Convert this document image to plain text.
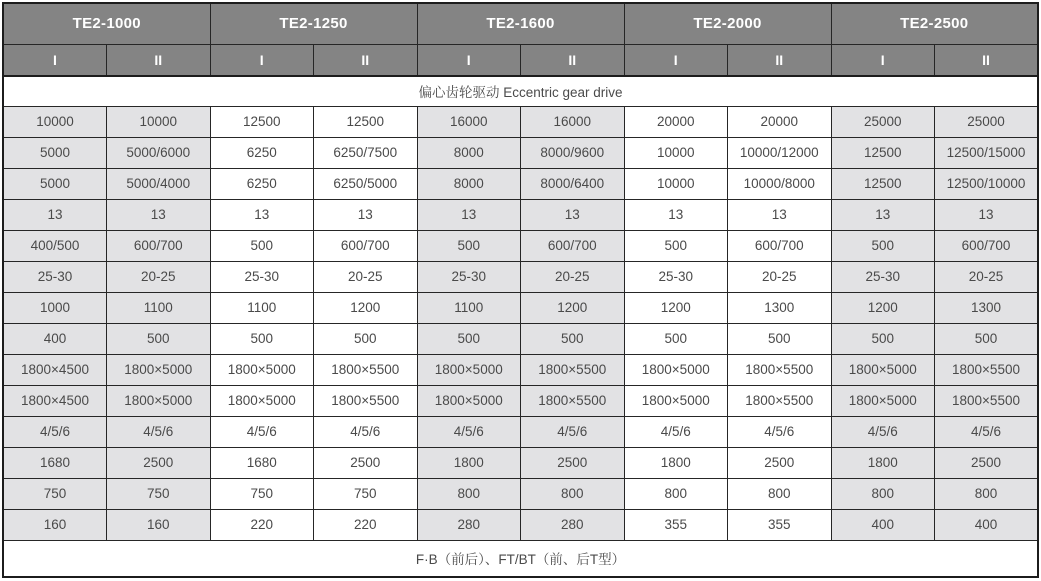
TE2-1000		TE2-1250		TE2-1600		TE2-2000		TE2-2500	
I	II	I	II	I	II	I	II	I	II
偏心齿轮驱动 Eccentric gear drive									
10000	10000	12500	12500	16000	16000	20000	20000	25000	25000
5000	5000/6000	6250	6250/7500	8000	8000/9600	10000	10000/12000	12500	12500/15000
5000	5000/4000	6250	6250/5000	8000	8000/6400	10000	10000/8000	12500	12500/10000
13	13	13	13	13	13	13	13	13	13
400/500	600/700	500	600/700	500	600/700	500	600/700	500	600/700
25-30	20-25	25-30	20-25	25-30	20-25	25-30	20-25	25-30	20-25
1000	1100	1100	1200	1100	1200	1200	1300	1200	1300
400	500	500	500	500	500	500	500	500	500
1800×4500	1800×5000	1800×5000	1800×5500	1800×5000	1800×5500	1800×5000	1800×5500	1800×5000	1800×5500
1800×4500	1800×5000	1800×5000	1800×5500	1800×5000	1800×5500	1800×5000	1800×5500	1800×5000	1800×5500
4/5/6	4/5/6	4/5/6	4/5/6	4/5/6	4/5/6	4/5/6	4/5/6	4/5/6	4/5/6
1680	2500	1680	2500	1800	2500	1800	2500	1800	2500
750	750	750	750	800	800	800	800	800	800
160	160	220	220	280	280	355	355	400	400
F·B（前后）、FT/BT（前、后T型）									
